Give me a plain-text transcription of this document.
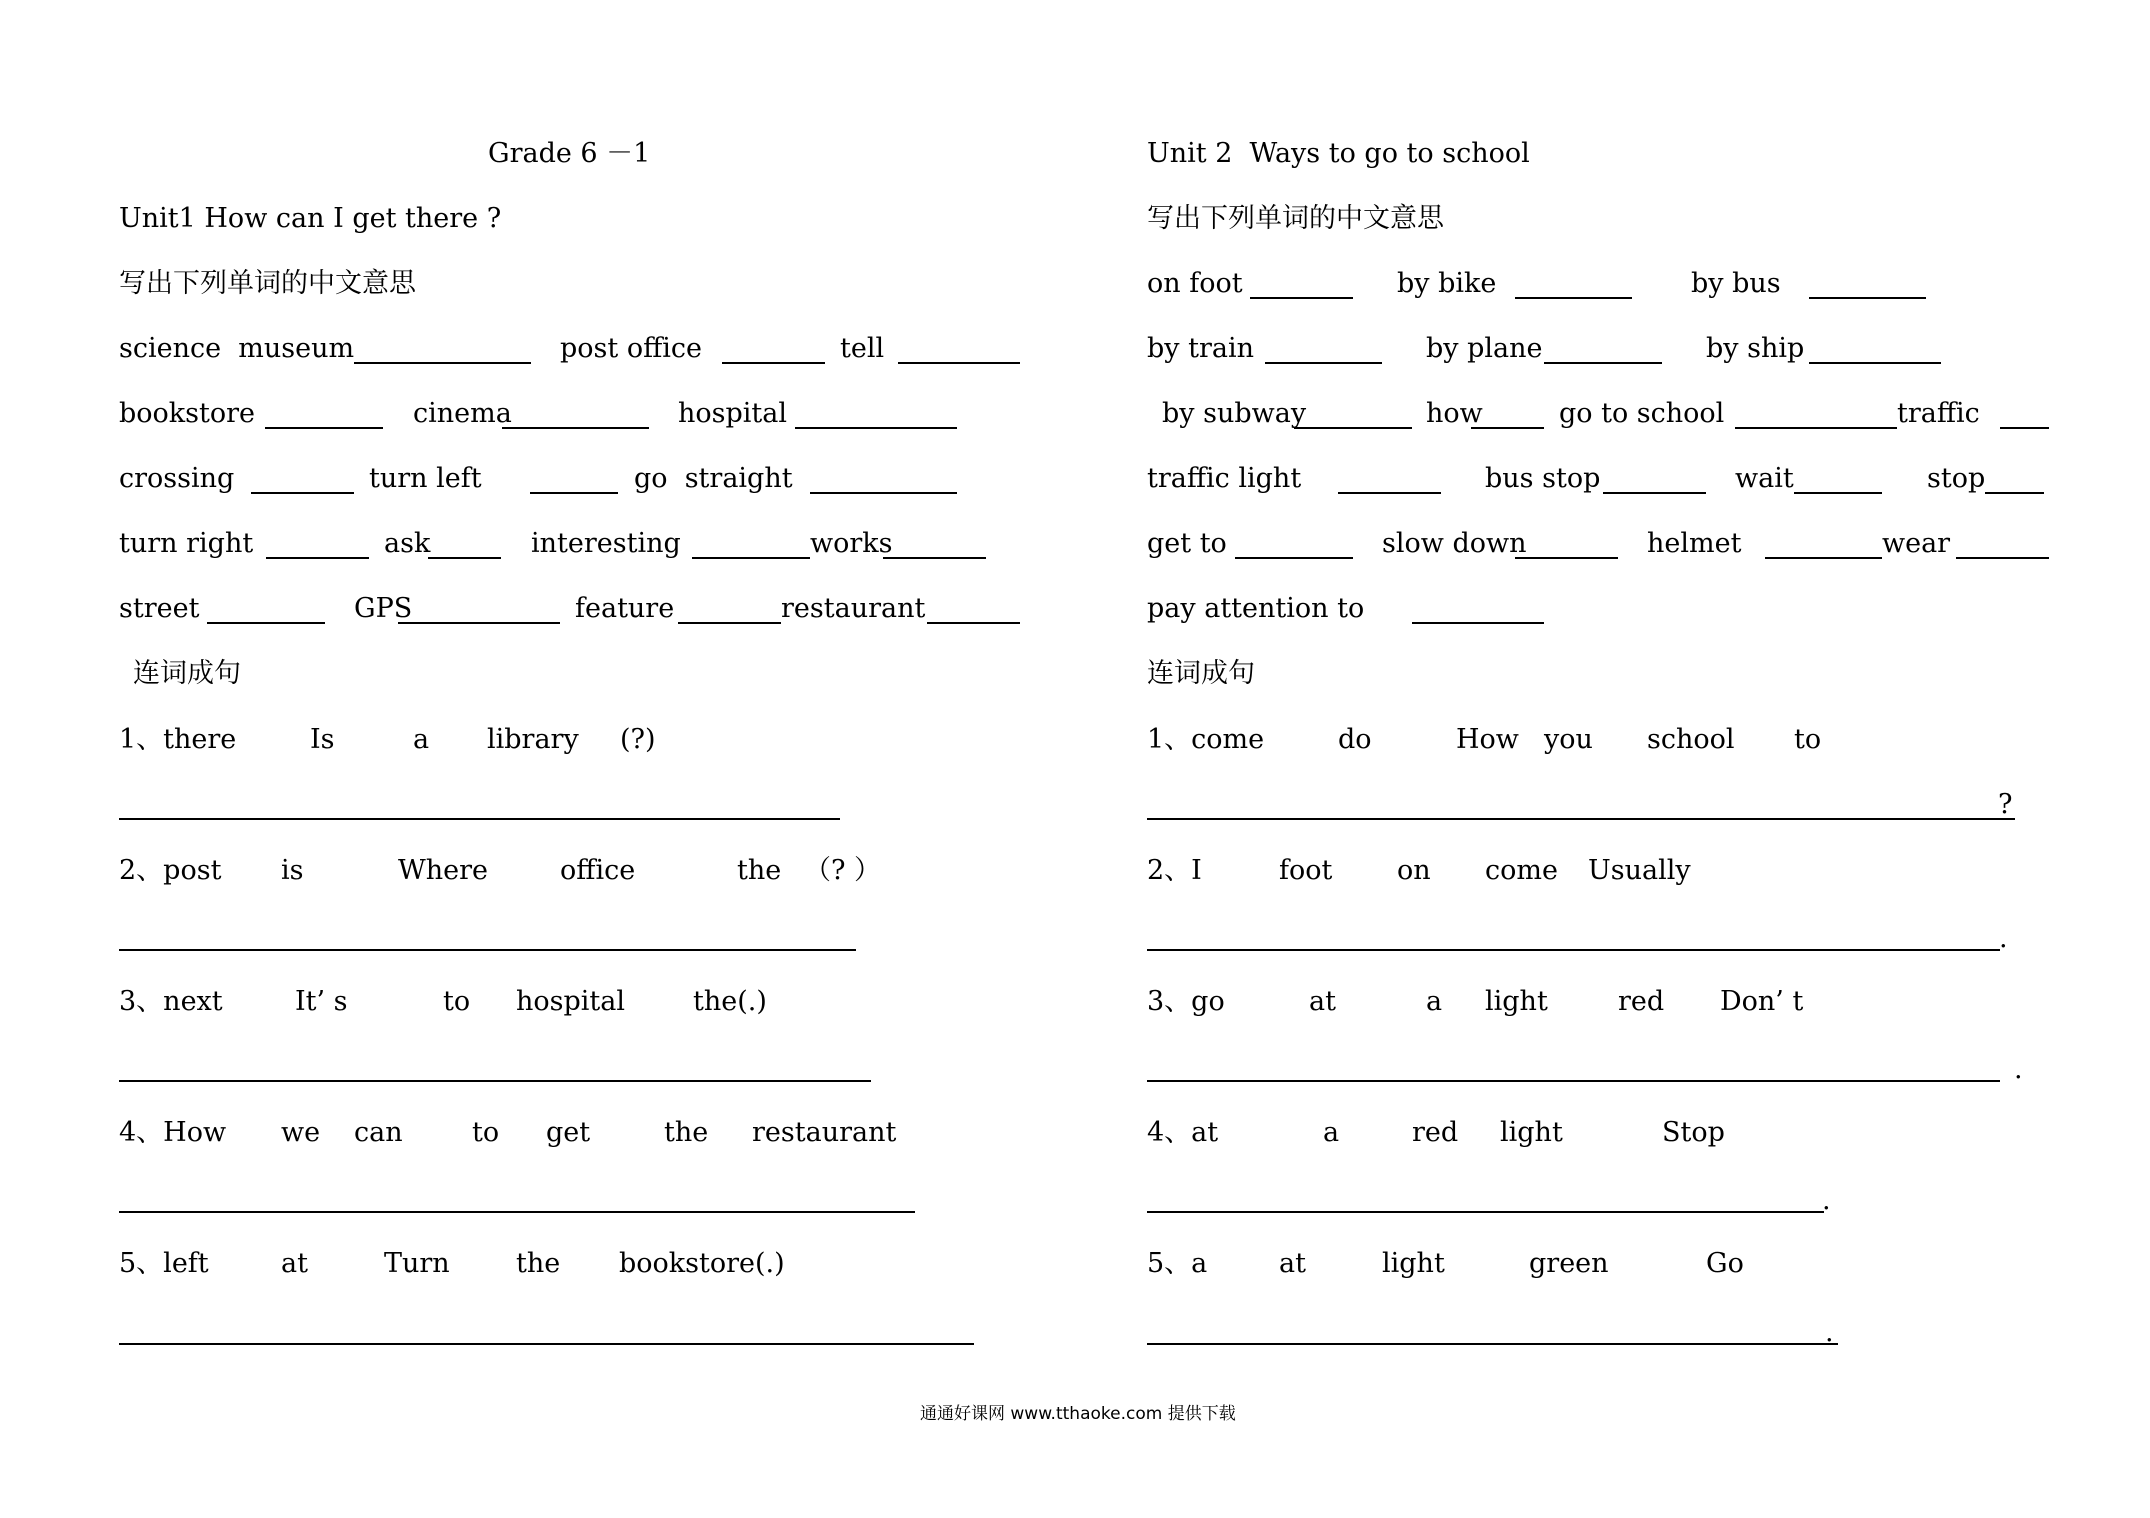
Grade 6 －1
Unit1 How can I get there ?
写出下列单词的中文意思
science  museum	post office	tell
bookstore	cinema	hospital
crossing	turn left	go  straight
turn right	ask	interesting	works
street	GPS	feature	restaurant
连词成句
1、there	Is	a library (?)
2、post is	Where	office	the （? ）
3、next	It’ s	to hospital	the(.)
4、How we can	to get	the restaurant
5、left	at	Turn the bookstore(.)
Unit 2  Ways to go to school
写出下列单词的中文意思
on foot	by bike	by bus
by train	by plane	by ship
by subway	how	go to school	traffic
traffic light	bus stop	wait	stop
get to	slow down	helmet	wear
pay attention to
连词成句
1、come	do	How you school to
?
2、I	foot on come Usually
.
3、go	at	a light	red Don’ t
.
4、at	a	red light	Stop
.
5、a	at	light	green	Go
.
通通好课网 www.tthaoke.com 提供下载
